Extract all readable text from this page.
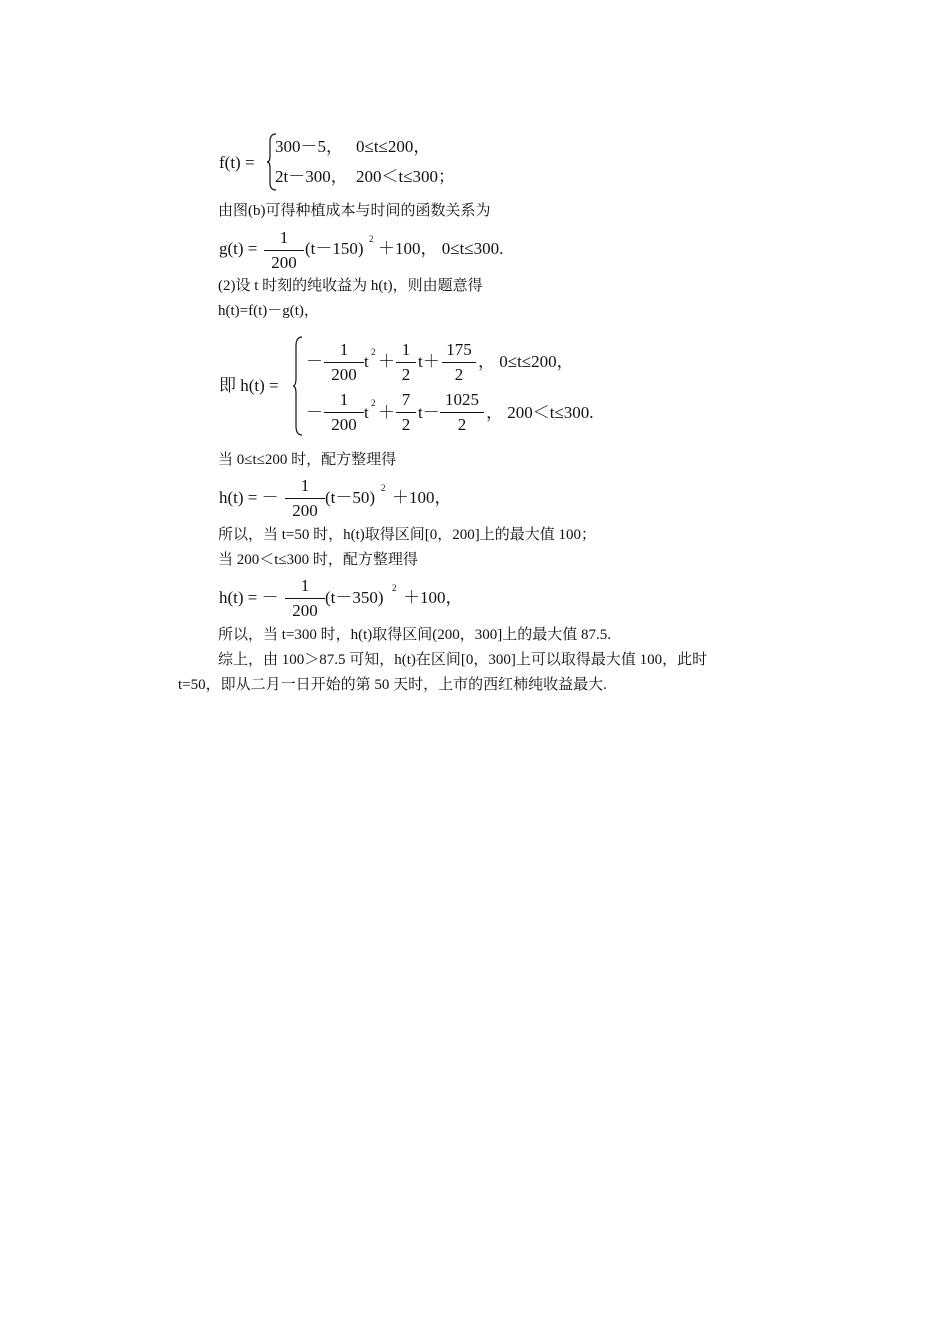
f(t) =
300－5， 0≤t≤200，
2t－300， 200＜t≤300；
由图(b)可得种植成本与时间的函数关系为
g(t) =
1
200
(t－150) 2 ＋100， 0≤t≤300.
(2)设 t 时刻的纯收益为 h(t)，则由题意得
h(t)=f(t)－g(t)，
即 h(t) =
－
1
200
t 2 ＋
1
2
t＋
175
2
， 0≤t≤200，
－
1
200
t 2 ＋
7
2
t－
1025
2
， 200＜t≤300.
当 0≤t≤200 时，配方整理得
h(t) = －
1
200
(t－50) 2 ＋100，
所以，当 t=50 时，h(t)取得区间[0，200]上的最大值 100；
当 200＜t≤300 时，配方整理得
h(t) = －
1
200
(t－350) 2 ＋100，
所以，当 t=300 时，h(t)取得区间(200，300]上的最大值 87.5.
综上，由 100＞87.5 可知，h(t)在区间[0，300]上可以取得最大值 100，此时
t=50，即从二月一日开始的第 50 天时，上市的西红柿纯收益最大.
